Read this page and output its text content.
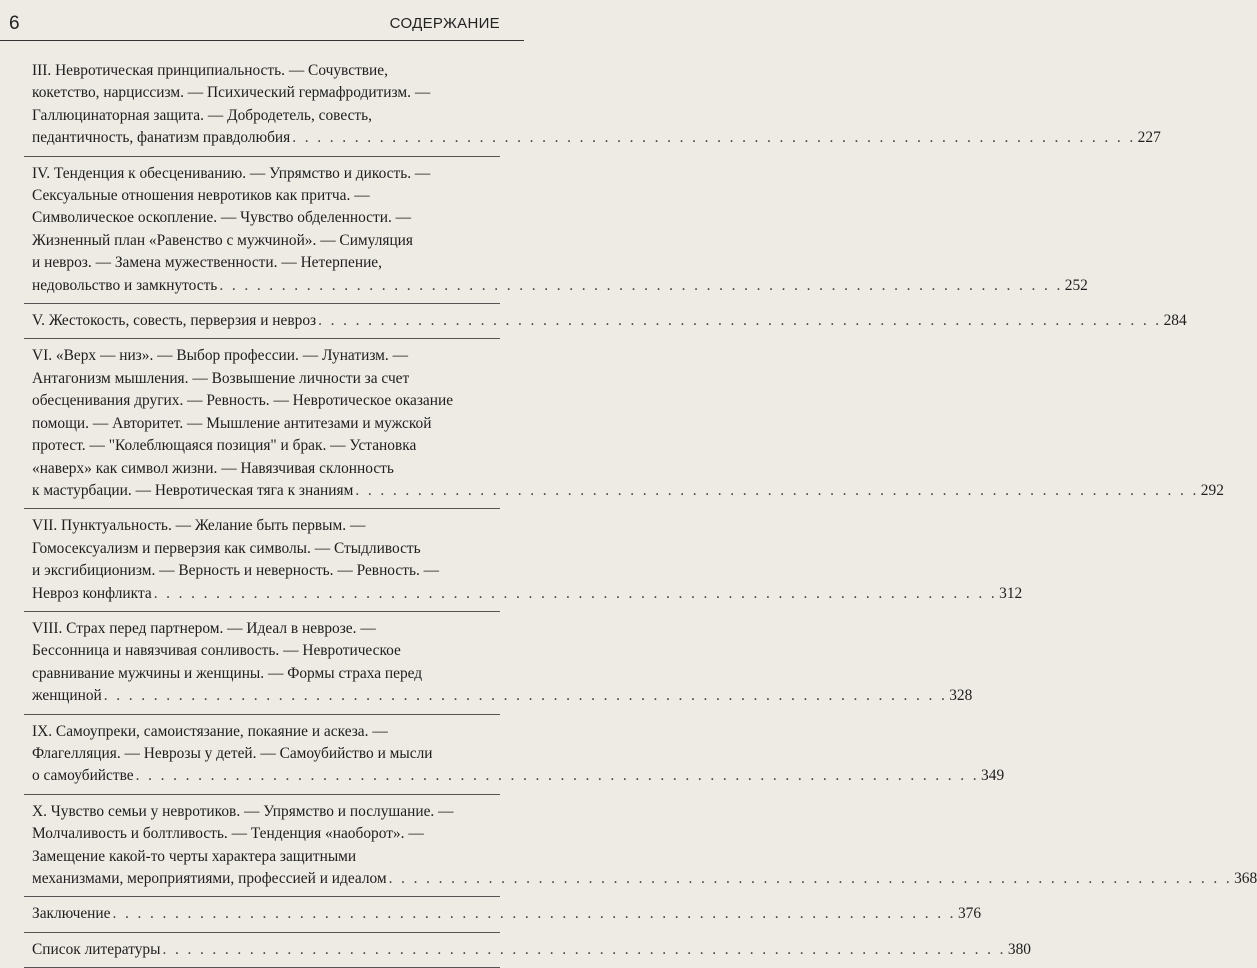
6	СОДЕРЖАНИЕ
III. Невротическая принципиальность. — Сочувствие,
кокетство, нарциссизм. — Психический гермафродитизм. —
Галлюцинаторная защита. — Добродетель, совесть,
педантичность, фанатизм правдолюбия . . . . . . . . . . . . . . . . . . . . . . . . . . . . . . . . . . . . . . . . . . . . . . . . . . . . . . . . . . . . . . . . . . . . 227
IV. Тенденция к обесцениванию. — Упрямство и дикость. —
Сексуальные отношения невротиков как притча. —
Символическое оскопление. — Чувство обделенности. —
Жизненный план «Равенство с мужчиной». — Симуляция
и невроз. — Замена мужественности. — Нетерпение,
недовольство и замкнутость . . . . . . . . . . . . . . . . . . . . . . . . . . . . . . . . . . . . . . . . . . . . . . . . . . . . . . . . . . . . . . . . . . . . 252
V. Жестокость, совесть, перверзия и невроз . . . . . . . . . . . . . . . . . . . . . . . . . . . . . . . . . . . . . . . . . . . . . . . . . . . . . . . . . . . . . . . . . . . . 284
VI. «Верх — низ». — Выбор профессии. — Лунатизм. —
Антагонизм мышления. — Возвышение личности за счет
обесценивания других. — Ревность. — Невротическое оказание
помощи. — Авторитет. — Мышление антитезами и мужской
протест. — "Колеблющаяся позиция" и брак. — Установка
«наверх» как символ жизни. — Навязчивая склонность
к мастурбации. — Невротическая тяга к знаниям . . . . . . . . . . . . . . . . . . . . . . . . . . . . . . . . . . . . . . . . . . . . . . . . . . . . . . . . . . . . . . . . . . . . 292
VII. Пунктуальность. — Желание быть первым. —
Гомосексуализм и перверзия как символы. — Стыдливость
и эксгибиционизм. — Верность и неверность. — Ревность. —
Невроз конфликта . . . . . . . . . . . . . . . . . . . . . . . . . . . . . . . . . . . . . . . . . . . . . . . . . . . . . . . . . . . . . . . . . . . . 312
VIII. Страх перед партнером. — Идеал в неврозе. —
Бессонница и навязчивая сонливость. — Невротическое
сравнивание мужчины и женщины. — Формы страха перед
женщиной . . . . . . . . . . . . . . . . . . . . . . . . . . . . . . . . . . . . . . . . . . . . . . . . . . . . . . . . . . . . . . . . . . . . 328
IX. Самоупреки, самоистязание, покаяние и аскеза. —
Флагелляция. — Неврозы у детей. — Самоубийство и мысли
о самоубийстве . . . . . . . . . . . . . . . . . . . . . . . . . . . . . . . . . . . . . . . . . . . . . . . . . . . . . . . . . . . . . . . . . . . . 349
X. Чувство семьи у невротиков. — Упрямство и послушание. —
Молчаливость и болтливость. — Тенденция «наоборот». —
Замещение какой-то черты характера защитными
механизмами, мероприятиями, профессией и идеалом . . . . . . . . . . . . . . . . . . . . . . . . . . . . . . . . . . . . . . . . . . . . . . . . . . . . . . . . . . . . . . . . . . . . 368
Заключение . . . . . . . . . . . . . . . . . . . . . . . . . . . . . . . . . . . . . . . . . . . . . . . . . . . . . . . . . . . . . . . . . . . . 376
Список литературы . . . . . . . . . . . . . . . . . . . . . . . . . . . . . . . . . . . . . . . . . . . . . . . . . . . . . . . . . . . . . . . . . . . . 380
